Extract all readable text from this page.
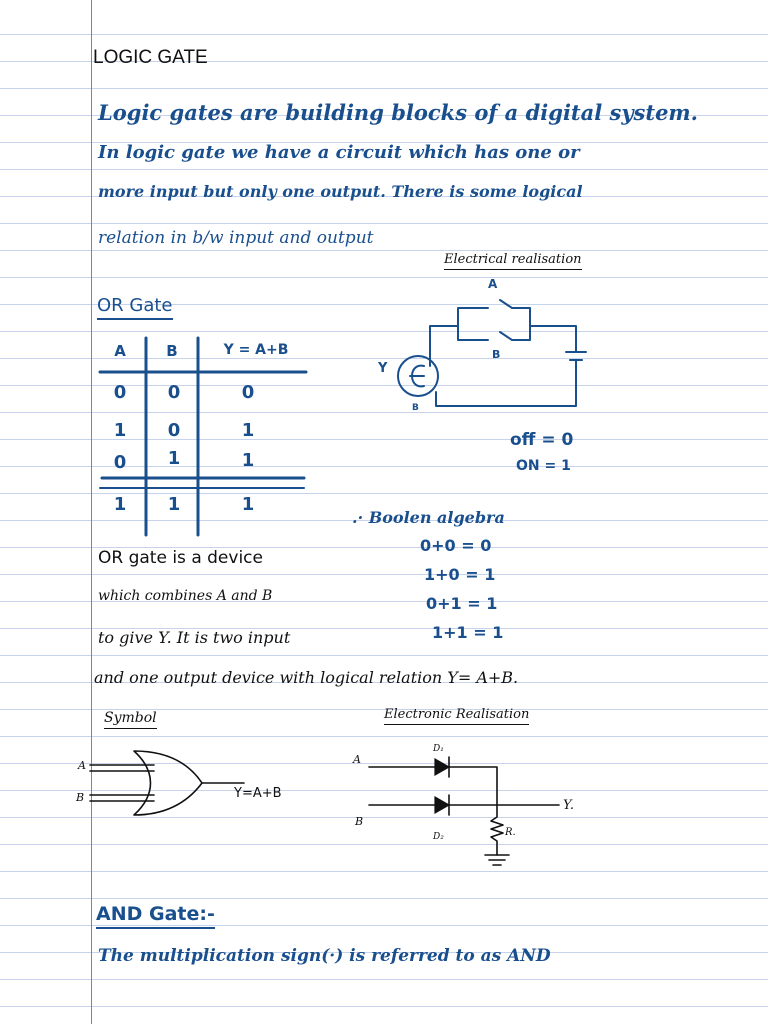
LOGIC GATE
Logic gates are building blocks of a digital system.
In logic gate we have a circuit which has one or
more input but only one output. There is some logical
relation in b/w input and output
Electrical realisation
OR Gate
A
B
Y
B
off = 0
ON = 1
A	B	Y = A+B
0	0	0
1	0	1
0	1	1
1	1	1
.· Boolen algebra
0+0 = 0
1+0 = 1
0+1 = 1
1+1 = 1
OR gate is a device
which combines A and B
to give Y. It is two input
and one output device with logical relation Y= A+B.
Symbol
A
B	Y=A+B
Electronic Realisation
A
B
D₁
D₂	R.
Y.
AND Gate:-
The multiplication sign(·) is referred to as AND
